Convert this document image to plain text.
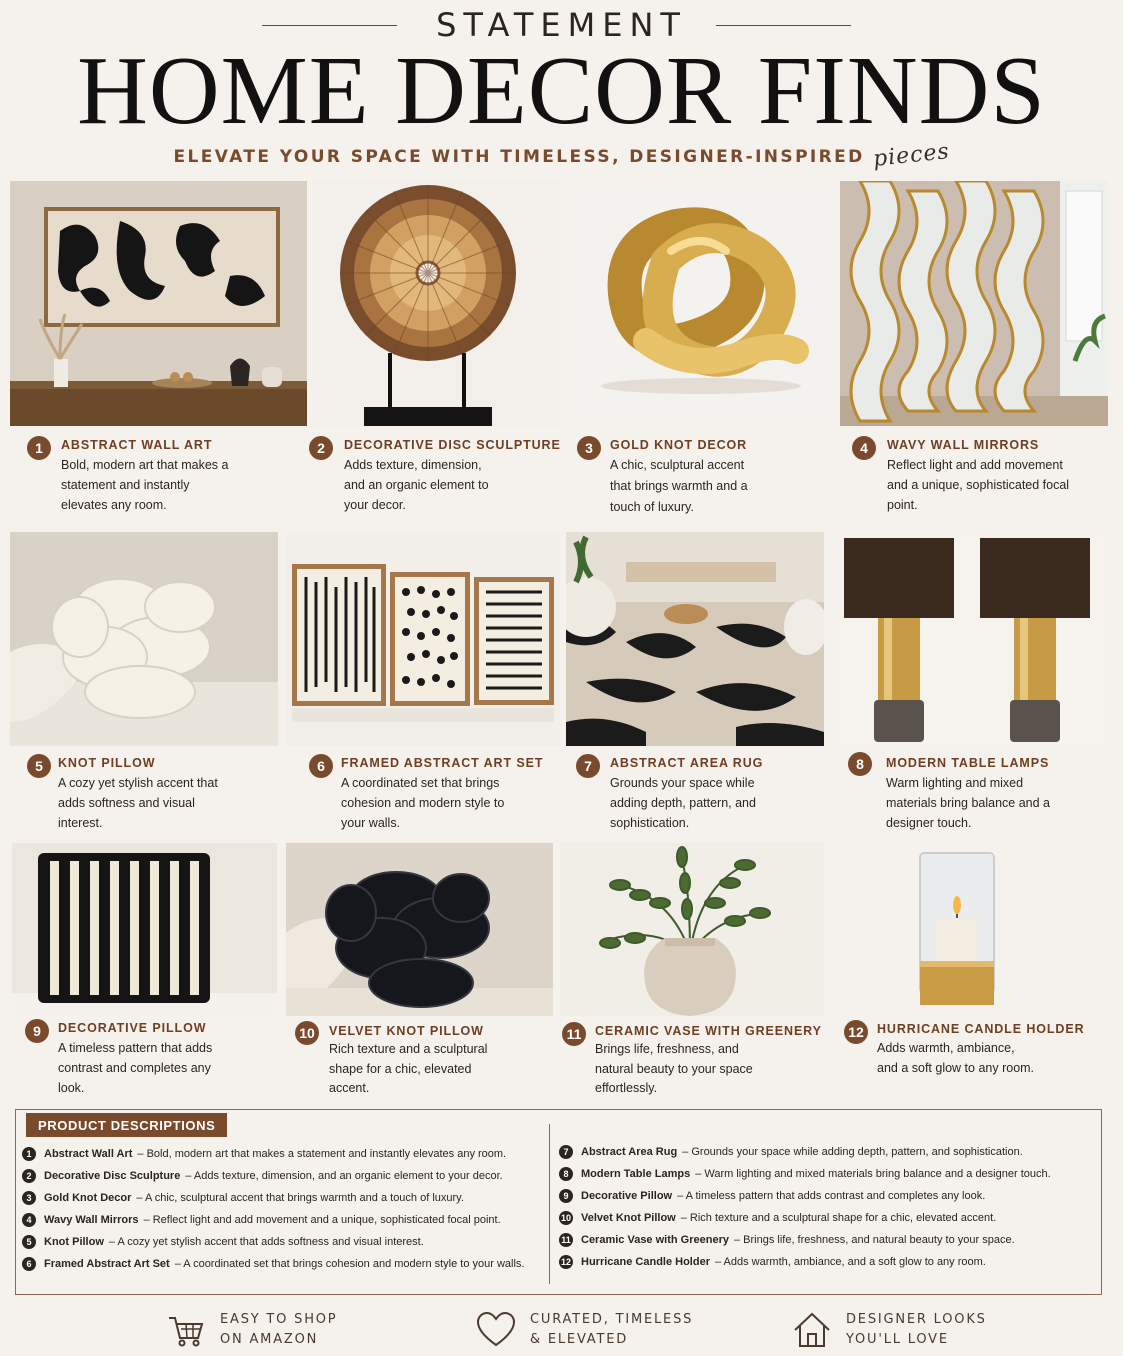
STATEMENT
HOME DECOR FINDS
ELEVATE YOUR SPACE WITH TIMELESS, DESIGNER-INSPIRED pieces
1	ABSTRACT WALL ART
Bold, modern art that makes a statement and instantly elevates any room.
2	DECORATIVE DISC SCULPTURE
Adds texture, dimension, and an organic element to your decor.
3	GOLD KNOT DECOR
A chic, sculptural accent that brings warmth and a touch of luxury.
4	WAVY WALL MIRRORS
Reflect light and add movement and a unique, sophisticated focal point.
5	KNOT PILLOW
A cozy yet stylish accent that adds softness and visual interest.
6	FRAMED ABSTRACT ART SET
A coordinated set that brings cohesion and modern style to your walls.
7	ABSTRACT AREA RUG
Grounds your space while adding depth, pattern, and sophistication.
8	MODERN TABLE LAMPS
Warm lighting and mixed materials bring balance and a designer touch.
9	DECORATIVE PILLOW
A timeless pattern that adds contrast and completes any look.
10	VELVET KNOT PILLOW
Rich texture and a sculptural shape for a chic, elevated accent.
11	CERAMIC VASE WITH GREENERY
Brings life, freshness, and natural beauty to your space effortlessly.
12	HURRICANE CANDLE HOLDER
Adds warmth, ambiance, and a soft glow to any room.
PRODUCT DESCRIPTIONS
1	Abstract Wall Art – Bold, modern art that makes a statement and instantly elevates any room.
2	Decorative Disc Sculpture – Adds texture, dimension, and an organic element to your decor.
3	Gold Knot Decor – A chic, sculptural accent that brings warmth and a touch of luxury.
4	Wavy Wall Mirrors – Reflect light and add movement and a unique, sophisticated focal point.
5	Knot Pillow – A cozy yet stylish accent that adds softness and visual interest.
6	Framed Abstract Art Set – A coordinated set that brings cohesion and modern style to your walls.
7	Abstract Area Rug – Grounds your space while adding depth, pattern, and sophistication.
8	Modern Table Lamps – Warm lighting and mixed materials bring balance and a designer touch.
9	Decorative Pillow – A timeless pattern that adds contrast and completes any look.
10 Velvet Knot Pillow – Rich texture and a sculptural shape for a chic, elevated accent.
11 Ceramic Vase with Greenery – Brings life, freshness, and natural beauty to your space.
12 Hurricane Candle Holder – Adds warmth, ambiance, and a soft glow to any room.
EASY TO SHOP
ON AMAZON
CURATED, TIMELESS
& ELEVATED
DESIGNER LOOKS
YOU'LL LOVE
